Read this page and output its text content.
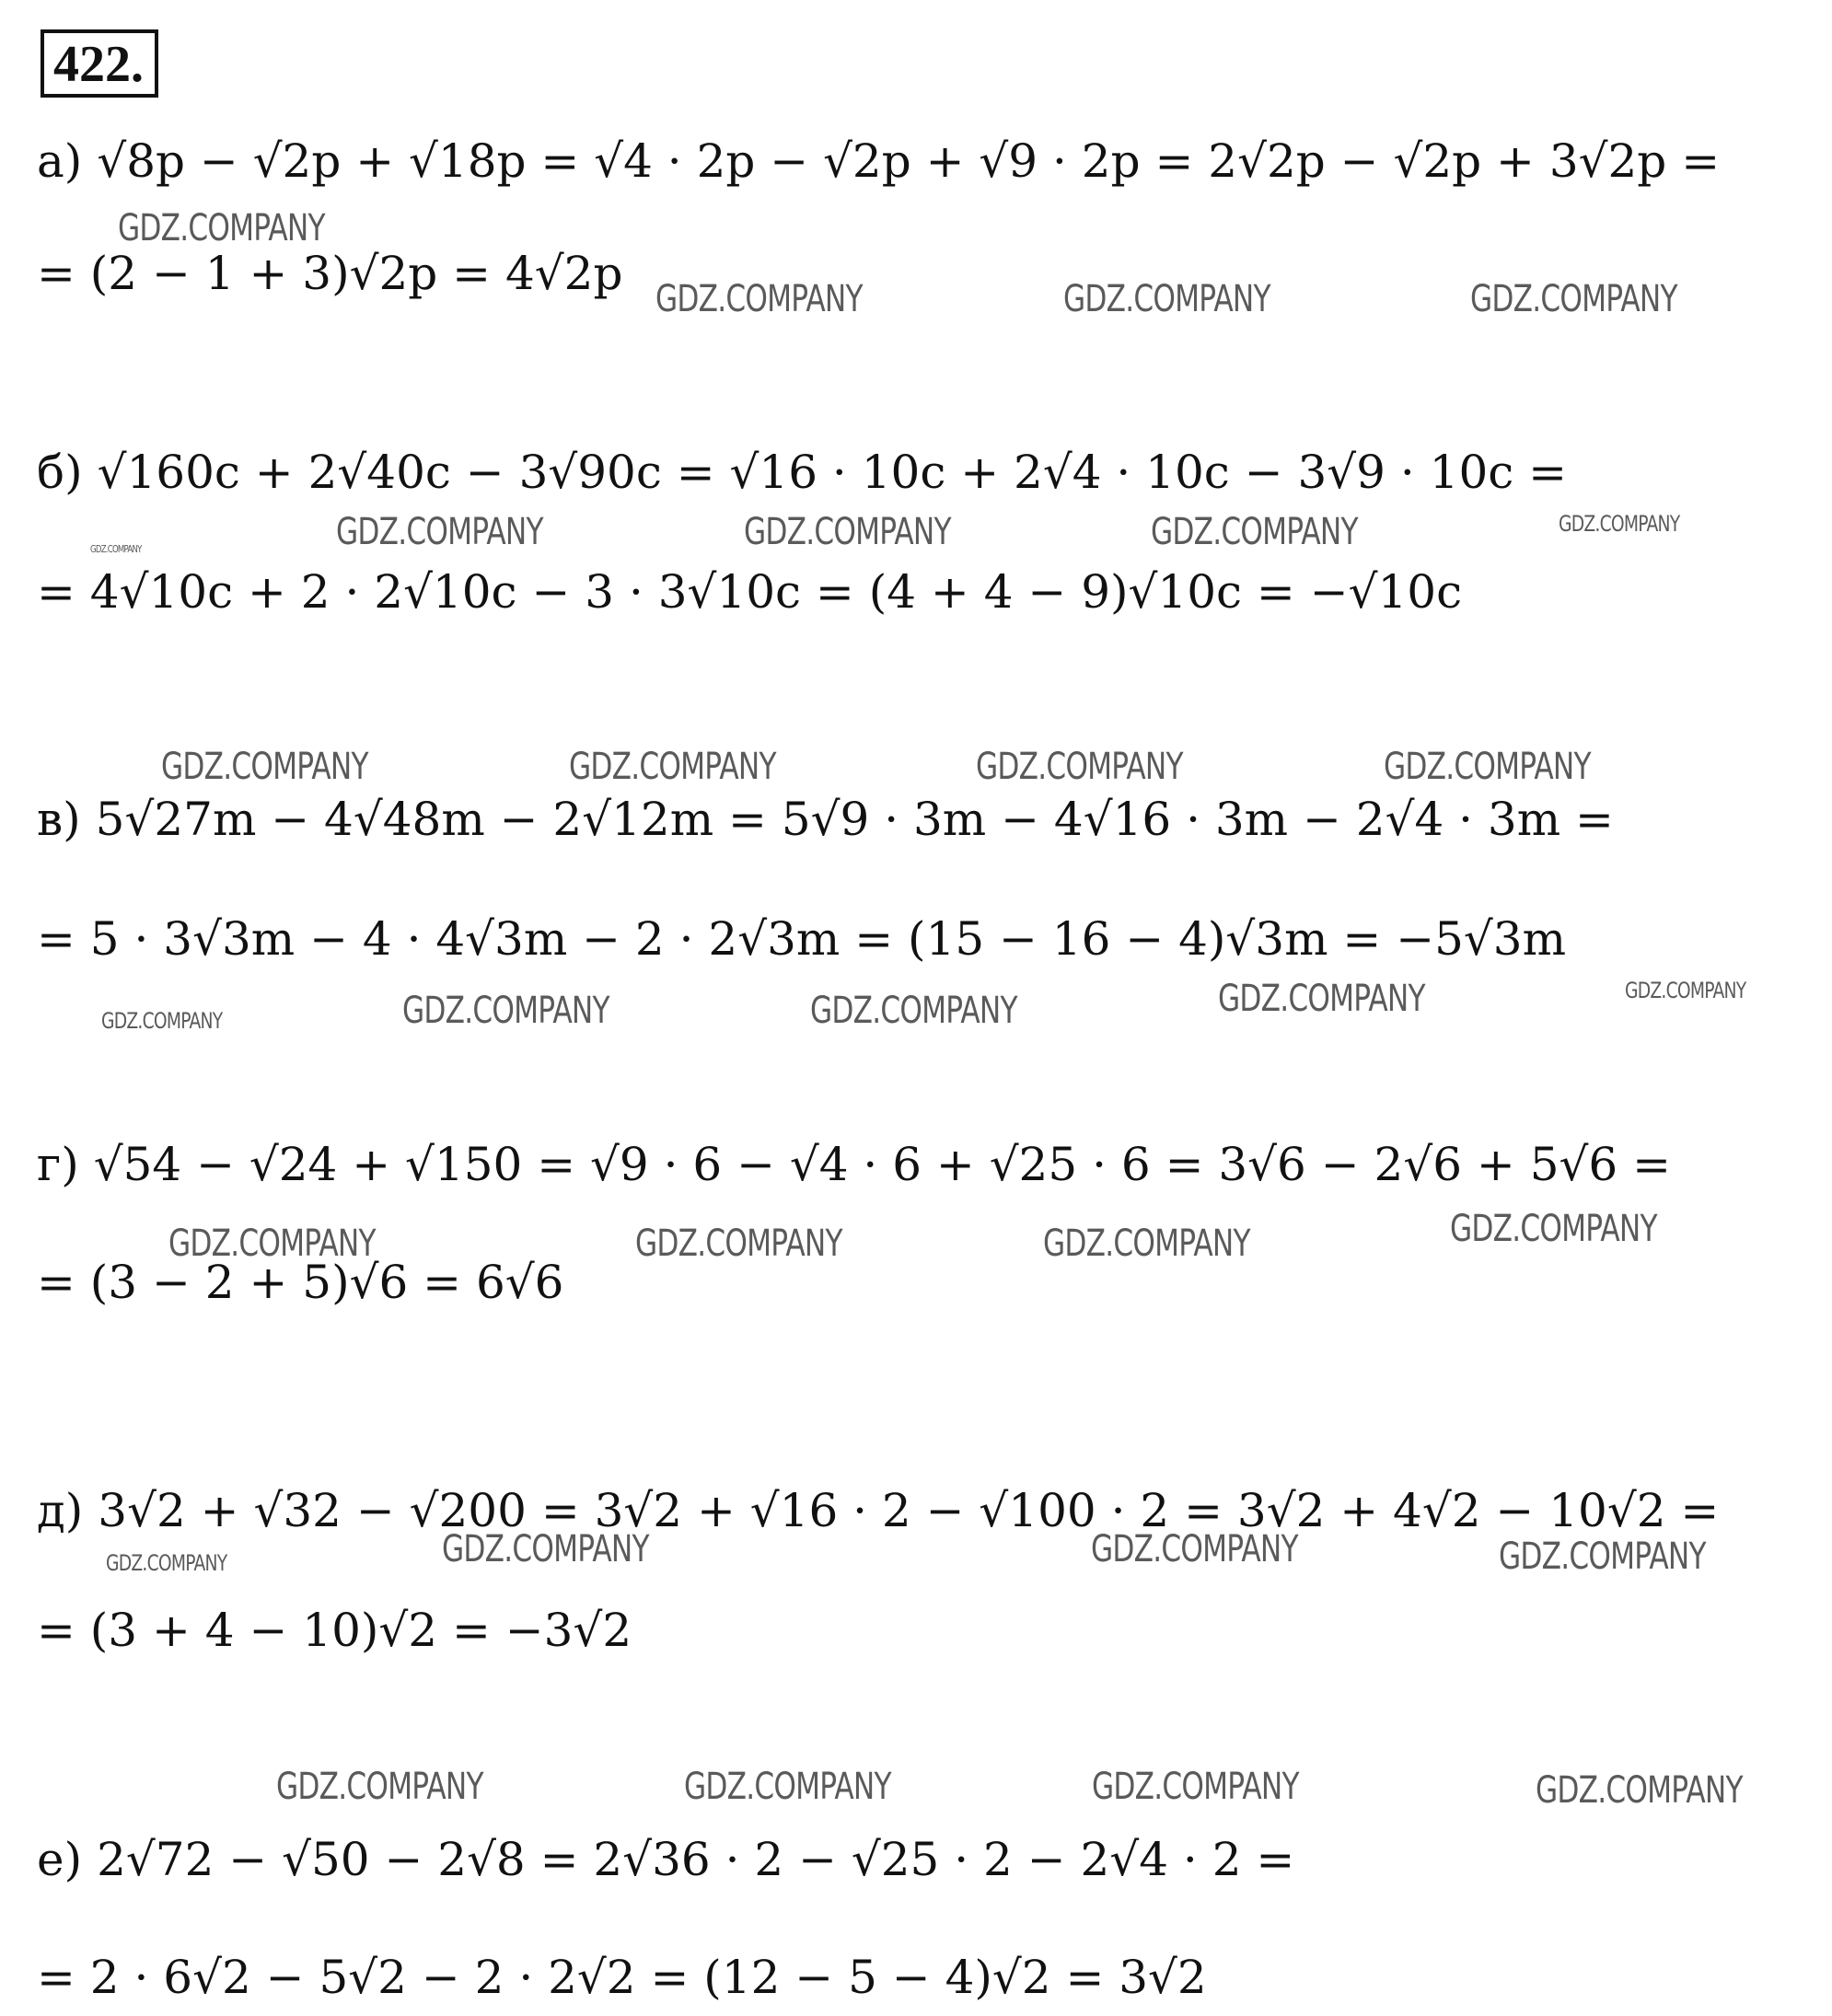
422.
а) √8p − √2p + √18p = √4 · 2p − √2p + √9 · 2p = 2√2p − √2p + 3√2p =
= (2 − 1 + 3)√2p = 4√2p
б) √160c + 2√40c − 3√90c = √16 · 10c + 2√4 · 10c − 3√9 · 10c =
= 4√10c + 2 · 2√10c − 3 · 3√10c = (4 + 4 − 9)√10c = −√10c
в) 5√27m − 4√48m − 2√12m = 5√9 · 3m − 4√16 · 3m − 2√4 · 3m =
= 5 · 3√3m − 4 · 4√3m − 2 · 2√3m = (15 − 16 − 4)√3m = −5√3m
г) √54 − √24 + √150 = √9 · 6 − √4 · 6 + √25 · 6 = 3√6 − 2√6 + 5√6 =
= (3 − 2 + 5)√6 = 6√6
д) 3√2 + √32 − √200 = 3√2 + √16 · 2 − √100 · 2 = 3√2 + 4√2 − 10√2 =
= (3 + 4 − 10)√2 = −3√2
е) 2√72 − √50 − 2√8 = 2√36 · 2 − √25 · 2 − 2√4 · 2 =
= 2 · 6√2 − 5√2 − 2 · 2√2 = (12 − 5 − 4)√2 = 3√2
GDZ.COMPANY
GDZ.COMPANY	GDZ.COMPANY	GDZ.COMPANY
GDZ.COMPANY	GDZ.COMPANY	GDZ.COMPANY	GDZ.COMPANY	GDZ.COMPANY
GDZ.COMPANY	GDZ.COMPANY	GDZ.COMPANY	GDZ.COMPANY
GDZ.COMPANY	GDZ.COMPANY	GDZ.COMPANY	GDZ.COMPANY	GDZ.COMPANY
GDZ.COMPANY	GDZ.COMPANY	GDZ.COMPANY	GDZ.COMPANY
GDZ.COMPANY	GDZ.COMPANY	GDZ.COMPANY	GDZ.COMPANY
GDZ.COMPANY	GDZ.COMPANY	GDZ.COMPANY	GDZ.COMPANY
